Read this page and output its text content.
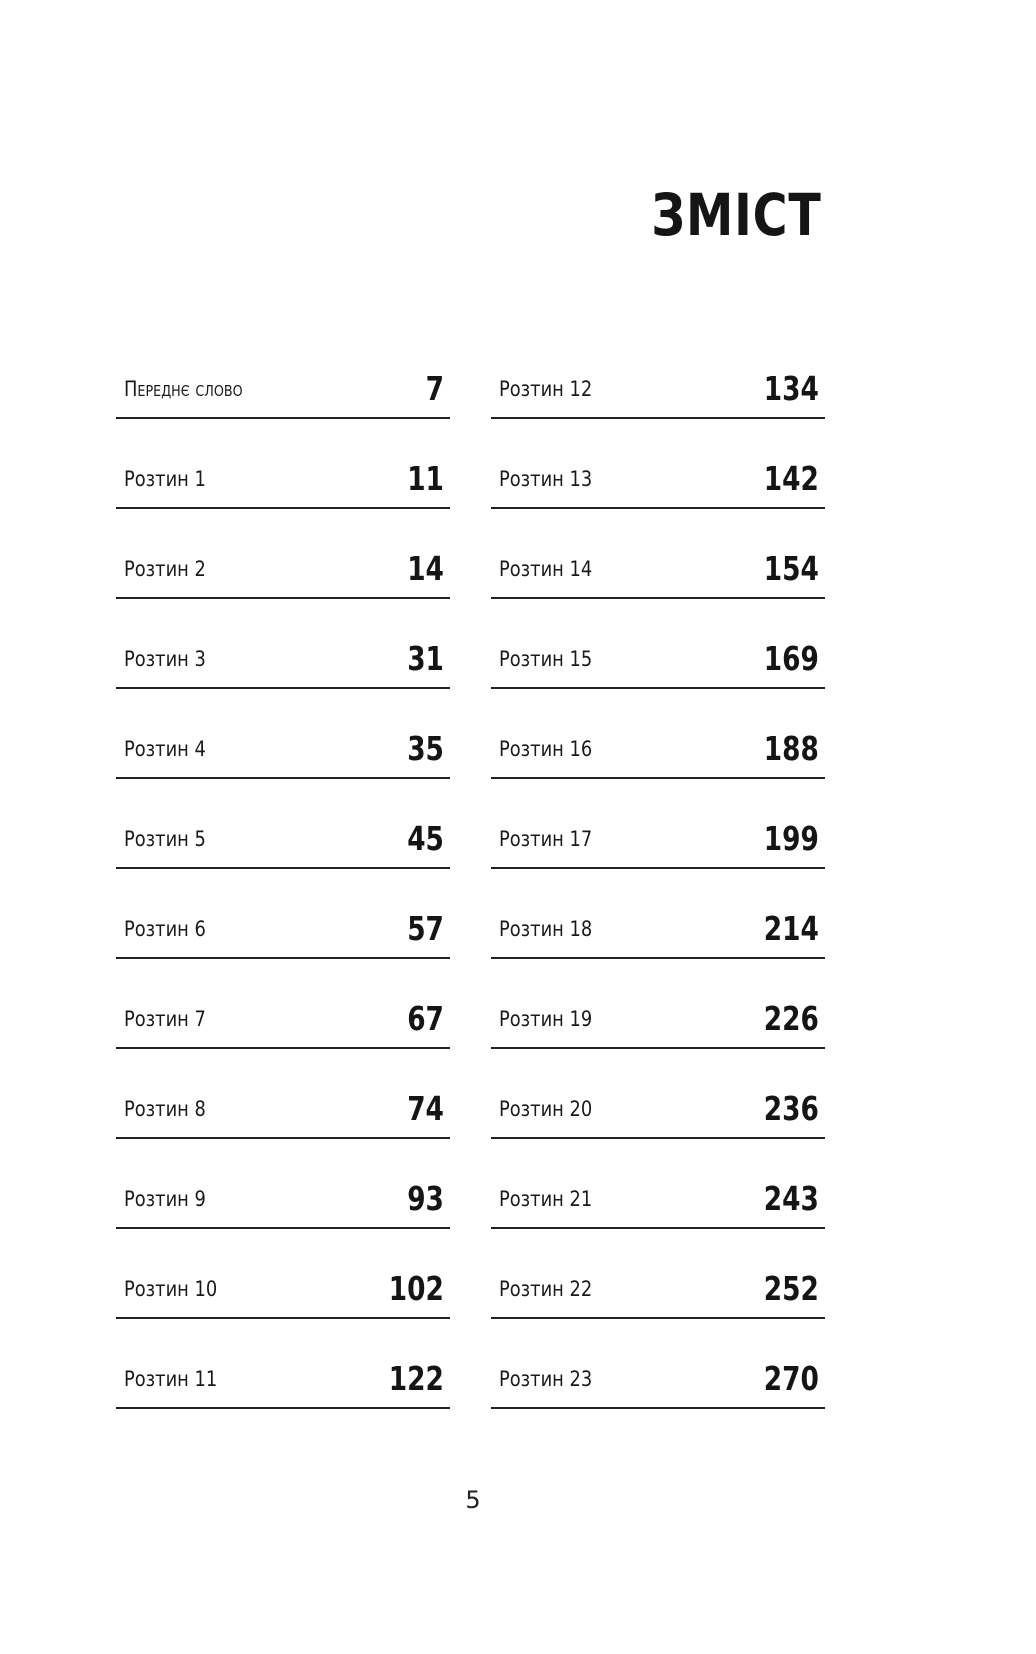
ЗМІСТ
Переднє слово	7
Розтин 1	11
Розтин 2	14
Розтин 3	31
Розтин 4	35
Розтин 5	45
Розтин 6	57
Розтин 7	67
Розтин 8	74
Розтин 9	93
Розтин 10	102
Розтин 11	122
Розтин 12	134
Розтин 13	142
Розтин 14	154
Розтин 15	169
Розтин 16	188
Розтин 17	199
Розтин 18	214
Розтин 19	226
Розтин 20	236
Розтин 21	243
Розтин 22	252
Розтин 23	270
5
